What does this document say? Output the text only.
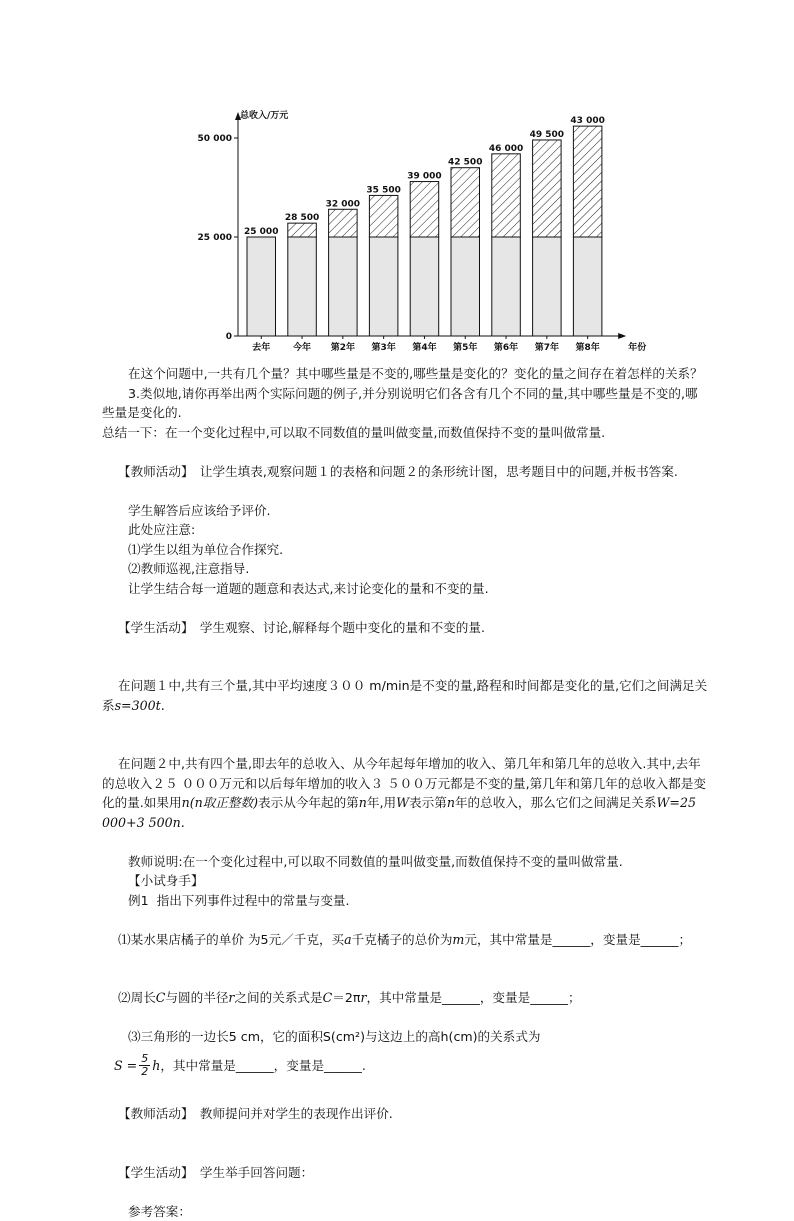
总收入/万元
年份
0
25 000
50 000
25 000
去年
28 500
今年
32 000
第2年
35 500
第3年
39 000
第4年
42 500
第5年
46 000
第6年
49 500
第7年
43 000
第8年

在这个问题中,一共有几个量？其中哪些量是不变的,哪些量是变化的？变化的量之间存在着怎样的关系？

3.类似地,请你再举出两个实际问题的例子,并分别说明它们各含有几个不同的量,其中哪些量是不变的,哪些量是变化的.

总结一下：在一个变化过程中,可以取不同数值的量叫做变量,而数值保持不变的量叫做常量.

【教师活动】　让学生填表,观察问题１的表格和问题２的条形统计图，思考题目中的问题,并板书答案.

学生解答后应该给予评价.

此处应注意:

⑴学生以组为单位合作探究.

⑵教师巡视,注意指导.

让学生结合每一道题的题意和表达式,来讨论变化的量和不变的量.

【学生活动】　学生观察、讨论,解释每个题中变化的量和不变的量.

在问题１中,共有三个量,其中平均速度３００ m/min是不变的量,路程和时间都是变化的量,它们之间满足关系s=300t.

在问题２中,共有四个量,即去年的总收入、从今年起每年增加的收入、第几年和第几年的总收入.其中,去年的总收入２５ ０００万元和以后每年增加的收入３ ５００万元都是不变的量,第几年和第几年的总收入都是变化的量.如果用n(n取正整数)表示从今年起的第n年,用W表示第n年的总收入，那么它们之间满足关系W=25 000+3 500n.

教师说明:在一个变化过程中,可以取不同数值的量叫做变量,而数值保持不变的量叫做常量.

【小试身手】

例1  指出下列事件过程中的常量与变量.

⑴某水果店橘子的单价 为5元／千克，买a千克橘子的总价为m元，其中常量是______，变量是______；

⑵周长C与圆的半径r之间的关系式是C＝2πr，其中常量是______，变量是______；

⑶三角形的一边长5 cm，它的面积S(cm²)与这边上的高h(cm)的关系式为

$S = \frac{5}{2}$ h ，其中常量是______，变量是______.

【教师活动】　教师提问并对学生的表现作出评价.

【学生活动】　学生举手回答问题：

参考答案：
